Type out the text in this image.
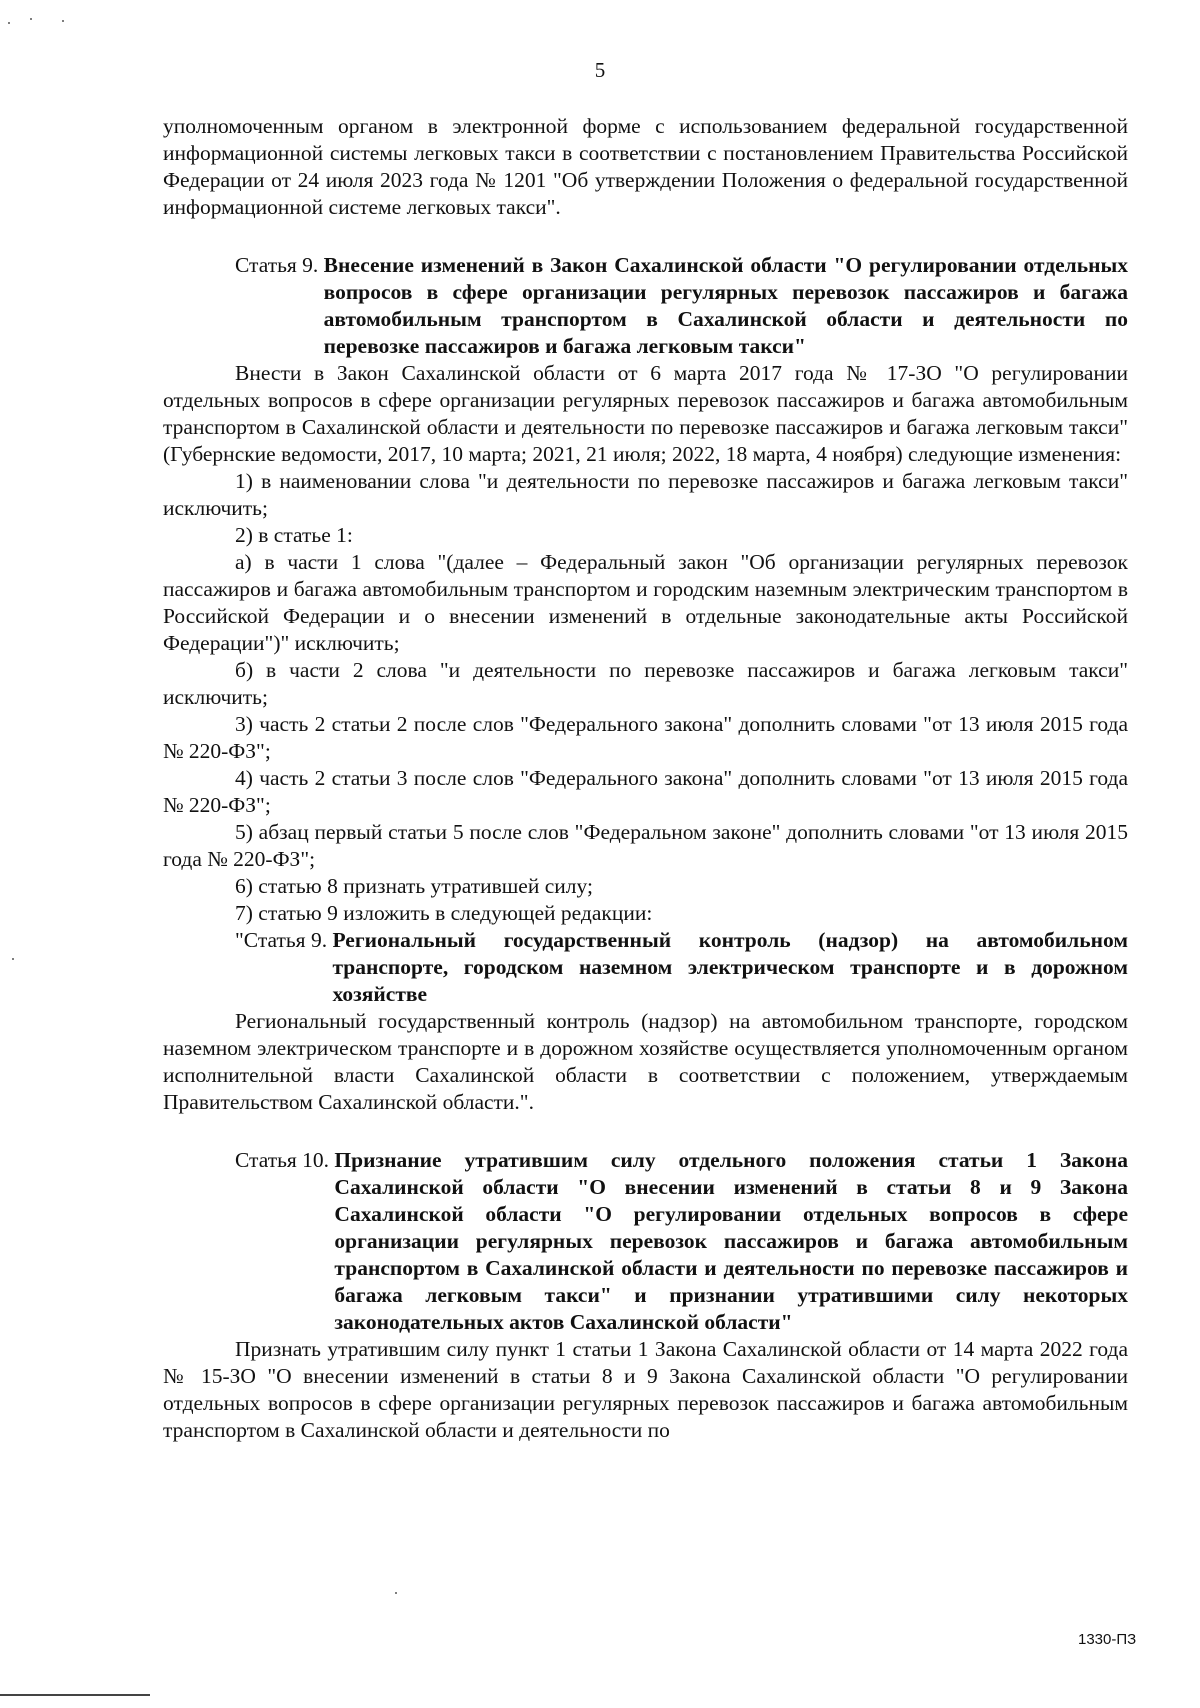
5

уполномоченным органом в электронной форме с использованием федеральной государственной информационной системы легковых такси в соответствии с постановлением Правительства Российской Федерации от 24 июля 2023 года № 1201 "Об утверждении Положения о федеральной государственной информационной системе легковых такси".

Статья 9. Внесение изменений в Закон Сахалинской области "О регулировании отдельных вопросов в сфере организации регулярных перевозок пассажиров и багажа автомобильным транспортом в Сахалинской области и деятельности по перевозке пассажиров и багажа легковым такси"

Внести в Закон Сахалинской области от 6 марта 2017 года № 17-ЗО "О регулировании отдельных вопросов в сфере организации регулярных перевозок пассажиров и багажа автомобильным транспортом в Сахалинской области и деятельности по перевозке пассажиров и багажа легковым такси" (Губернские ведомости, 2017, 10 марта; 2021, 21 июля; 2022, 18 марта, 4 ноября) следующие изменения:

1) в наименовании слова "и деятельности по перевозке пассажиров и багажа легковым такси" исключить;

2) в статье 1:

а) в части 1 слова "(далее – Федеральный закон "Об организации регулярных перевозок пассажиров и багажа автомобильным транспортом и городским наземным электрическим транспортом в Российской Федерации и о внесении изменений в отдельные законодательные акты Российской Федерации")" исключить;

б) в части 2 слова "и деятельности по перевозке пассажиров и багажа легковым такси" исключить;

3) часть 2 статьи 2 после слов "Федерального закона" дополнить словами "от 13 июля 2015 года № 220-ФЗ";

4) часть 2 статьи 3 после слов "Федерального закона" дополнить словами "от 13 июля 2015 года № 220-ФЗ";

5) абзац первый статьи 5 после слов "Федеральном законе" дополнить словами "от 13 июля 2015 года № 220-ФЗ";

6) статью 8 признать утратившей силу;

7) статью 9 изложить в следующей редакции:

"Статья 9. Региональный государственный контроль (надзор) на автомобильном транспорте, городском наземном электрическом транспорте и в дорожном хозяйстве

Региональный государственный контроль (надзор) на автомобильном транспорте, городском наземном электрическом транспорте и в дорожном хозяйстве осуществляется уполномоченным органом исполнительной власти Сахалинской области в соответствии с положением, утверждаемым Правительством Сахалинской области.".

Статья 10. Признание утратившим силу отдельного положения статьи 1 Закона Сахалинской области "О внесении изменений в статьи 8 и 9 Закона Сахалинской области "О регулировании отдельных вопросов в сфере организации регулярных перевозок пассажиров и багажа автомобильным транспортом в Сахалинской области и деятельности по перевозке пассажиров и багажа легковым такси" и признании утратившими силу некоторых законодательных актов Сахалинской области"

Признать утратившим силу пункт 1 статьи 1 Закона Сахалинской области от 14 марта 2022 года № 15-ЗО "О внесении изменений в статьи 8 и 9 Закона Сахалинской области "О регулировании отдельных вопросов в сфере организации регулярных перевозок пассажиров и багажа автомобильным транспортом в Сахалинской области и деятельности по

1330-ПЗ
